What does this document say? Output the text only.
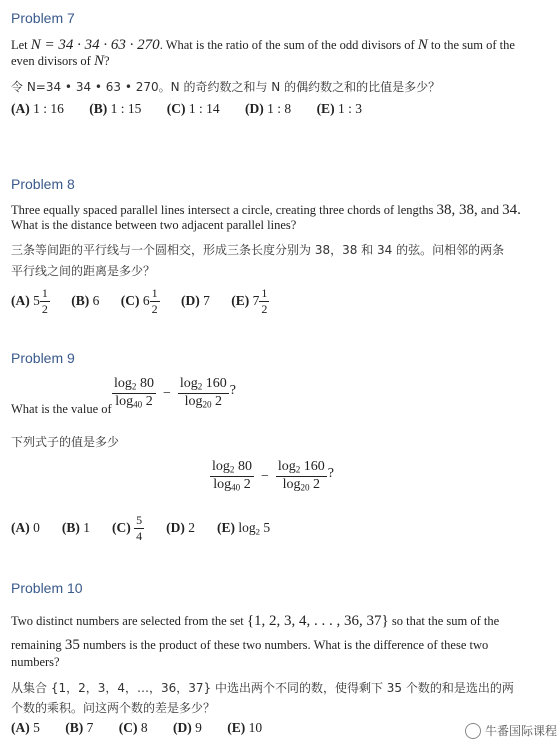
Problem 7
Let N = 34 · 34 · 63 · 270. What is the ratio of the sum of the odd divisors of N to the sum of the
even divisors of N?
令 N=34 • 34 • 63 • 270。N 的奇约数之和与 N 的偶约数之和的比值是多少？
(A) 1 : 16 (B) 1 : 15 (C) 1 : 14 (D) 1 : 8 (E) 1 : 3
Problem 8
Three equally spaced parallel lines intersect a circle, creating three chords of lengths 38, 38, and 34.
What is the distance between two adjacent parallel lines?
三条等间距的平行线与一个圆相交，形成三条长度分别为 38，38 和 34 的弦。问相邻的两条
平行线之间的距离是多少？
(A)
$5 \frac{1}{2} (B)$ 6 (C)
$6 \frac{1}{2} (D)$ 7 (E)
$7 \frac{1}{2}$
Problem 9
What is the value of $\frac{\log_2 80}{\log_{40} 2} - \frac{\log_2 160}{\log_{20} 2}$ ?
下列式子的值是多少
$\frac{\log_2 80}{\log_{40} 2} - \frac{\log_2 160}{\log_{20} 2}$ ?
(A) 0 (B) 1 (C)
$\frac{5}{4} (D)$ 2 (E) $\log_2 5$
Problem 10
Two distinct numbers are selected from the set {1, 2, 3, 4, . . . , 36, 37} so that the sum of the
remaining 35 numbers is the product of these two numbers. What is the difference of these two
numbers?
从集合 {1，2，3，4，…，36，37} 中选出两个不同的数，使得剩下 35 个数的和是选出的两
个数的乘积。问这两个数的差是多少？
(A) 5 (B) 7 (C) 8 (D) 9 (E) 10	牛番国际课程
